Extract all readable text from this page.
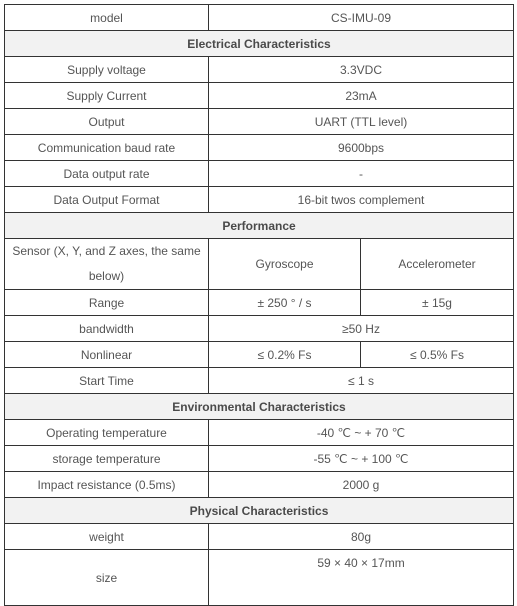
model	CS-IMU-09	
Electrical Characteristics		
Supply voltage	3.3VDC	
Supply Current	23mA	
Output	UART (TTL level)	
Communication baud rate	9600bps	
Data output rate	-	
Data Output Format	16-bit twos complement	
Performance		
Sensor (X, Y, and Z axes, the same below)	Gyroscope	Accelerometer
Range	± 250 ° / s	± 15g
bandwidth	≥50 Hz	
Nonlinear	≤ 0.2% Fs	≤ 0.5% Fs
Start Time	≤ 1 s	
Environmental Characteristics		
Operating temperature	-40 ℃ ~ + 70 ℃	
storage temperature	-55 ℃ ~ + 100 ℃	
Impact resistance (0.5ms)	2000 g	
Physical Characteristics		
weight	80g	
size	59 × 40 × 17mm	
